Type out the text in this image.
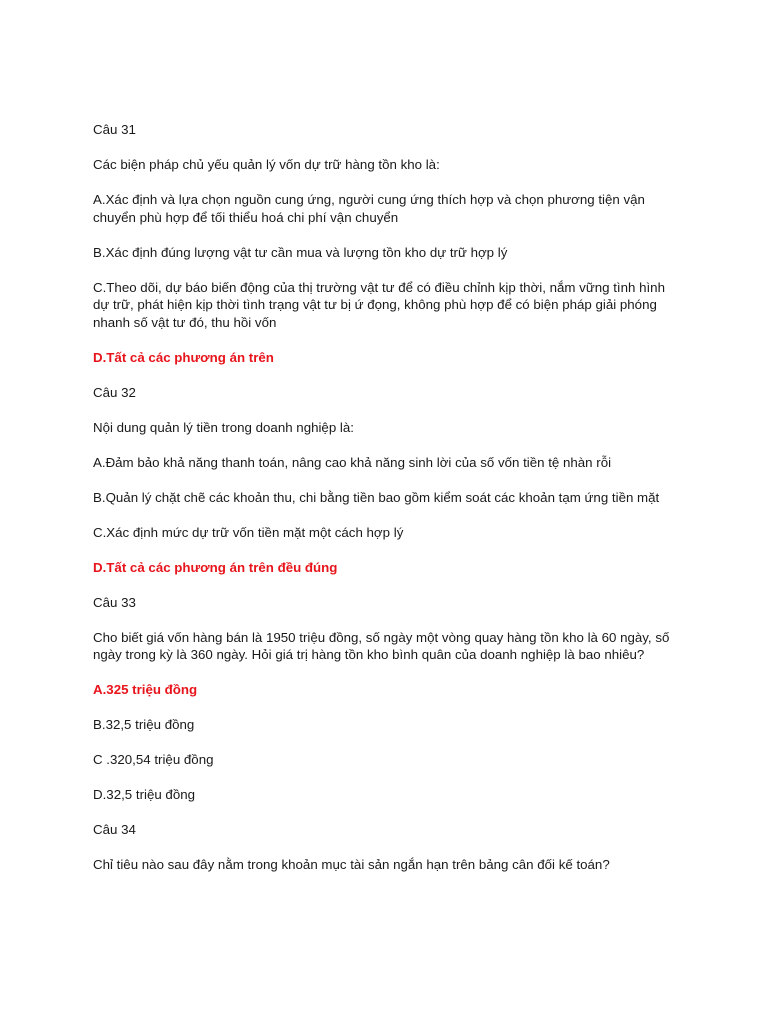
Câu 31

Các biện pháp chủ yếu quản lý vốn dự trữ hàng tồn kho là:

A.Xác định và lựa chọn nguồn cung ứng, người cung ứng thích hợp và chọn phương tiện vận chuyển phù hợp để tối thiểu hoá chi phí vận chuyển

B.Xác định đúng lượng vật tư cần mua và lượng tồn kho dự trữ hợp lý

C.Theo dõi, dự báo biến động của thị trường vật tư để có điều chỉnh kịp thời, nắm vững tình hình dự trữ, phát hiện kịp thời tình trạng vật tư bị ứ đọng, không phù hợp để có biện pháp giải phóng nhanh số vật tư đó, thu hồi vốn

D.Tất cả các phương án trên

Câu 32

Nội dung quản lý tiền trong doanh nghiệp là:

A.Đảm bảo khả năng thanh toán, nâng cao khả năng sinh lời của số vốn tiền tệ nhàn rỗi

B.Quản lý chặt chẽ các khoản thu, chi bằng tiền bao gồm kiểm soát các khoản tạm ứng tiền mặt

C.Xác định mức dự trữ vốn tiền mặt một cách hợp lý

D.Tất cả các phương án trên đều đúng

Câu 33

Cho biết giá vốn hàng bán là 1950 triệu đồng, số ngày một vòng quay hàng tồn kho là 60 ngày, số ngày trong kỳ là 360 ngày. Hỏi giá trị hàng tồn kho bình quân của doanh nghiệp là bao nhiêu?

A.325 triệu đồng

B.32,5 triệu đồng

C .320,54 triệu đồng

D.32,5 triệu đồng

Câu 34

Chỉ tiêu nào sau đây nằm trong khoản mục tài sản ngắn hạn trên bảng cân đối kế toán?
